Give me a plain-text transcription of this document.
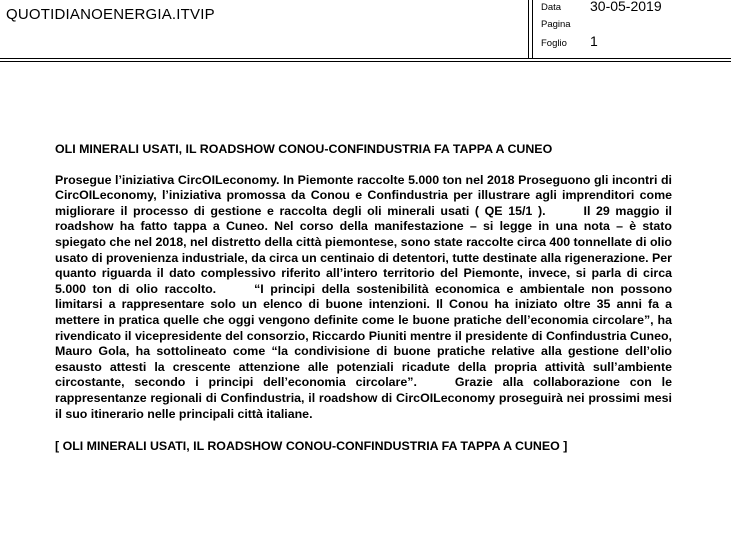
QUOTIDIANOENERGIA.ITVIP	Data 30-05-2019
Pagina
Foglio 1

OLI MINERALI USATI, IL ROADSHOW CONOU-CONFINDUSTRIA FA TAPPA A CUNEO

Prosegue l’iniziativa CircOILeconomy. In Piemonte raccolte 5.000 ton nel 2018 Proseguono gli incontri di CircOILeconomy, l’iniziativa promossa da Conou e Confindustria per illustrare agli imprenditori come migliorare il processo di gestione e raccolta degli oli minerali usati ( QE 15/1 ).	Il 29 maggio il roadshow ha fatto tappa a Cuneo. Nel corso della manifestazione – si legge in una nota – è stato spiegato che nel 2018, nel distretto della città piemontese, sono state raccolte circa 400 tonnellate di olio usato di provenienza industriale, da circa un centinaio di detentori, tutte destinate alla rigenerazione. Per quanto riguarda il dato complessivo riferito all’intero territorio del Piemonte, invece, si parla di circa 5.000 ton di olio raccolto.	“I principi della sostenibilità economica e ambientale non possono limitarsi a rappresentare solo un elenco di buone intenzioni. Il Conou ha iniziato oltre 35 anni fa a mettere in pratica quelle che oggi vengono definite come le buone pratiche dell’economia circolare”, ha rivendicato il vicepresidente del consorzio, Riccardo Piuniti mentre il presidente di Confindustria Cuneo, Mauro Gola, ha sottolineato come “la condivisione di buone pratiche relative alla gestione dell’olio esausto attesti la crescente attenzione alle potenziali ricadute della propria attività sull’ambiente circostante, secondo i principi dell’economia circolare”.	Grazie alla collaborazione con le rappresentanze regionali di Confindustria, il roadshow di CircOILeconomy proseguirà nei prossimi mesi il suo itinerario nelle principali città italiane.

[ OLI MINERALI USATI, IL ROADSHOW CONOU-CONFINDUSTRIA FA TAPPA A CUNEO ]
